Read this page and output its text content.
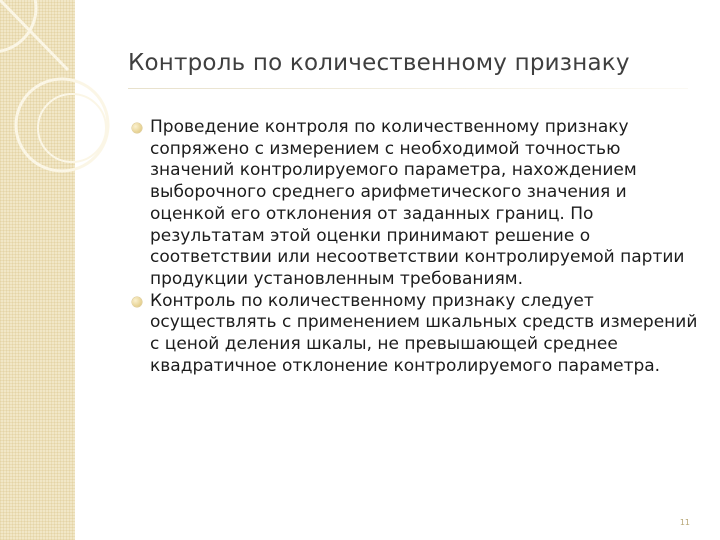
Контроль по количественному признаку
Проведение контроля по количественному признаку сопряжено с измерением с необходимой точностью значений контролируемого параметра, нахождением выборочного среднего арифметического значения и оценкой его отклонения от заданных границ. По результатам этой оценки принимают решение о соответствии или несоответствии контролируемой партии продукции установленным требованиям.
Контроль по количественному признаку следует осуществлять с применением шкальных средств измерений с ценой деления шкалы, не превышающей среднее квадратичное отклонение контролируемого параметра.
11
